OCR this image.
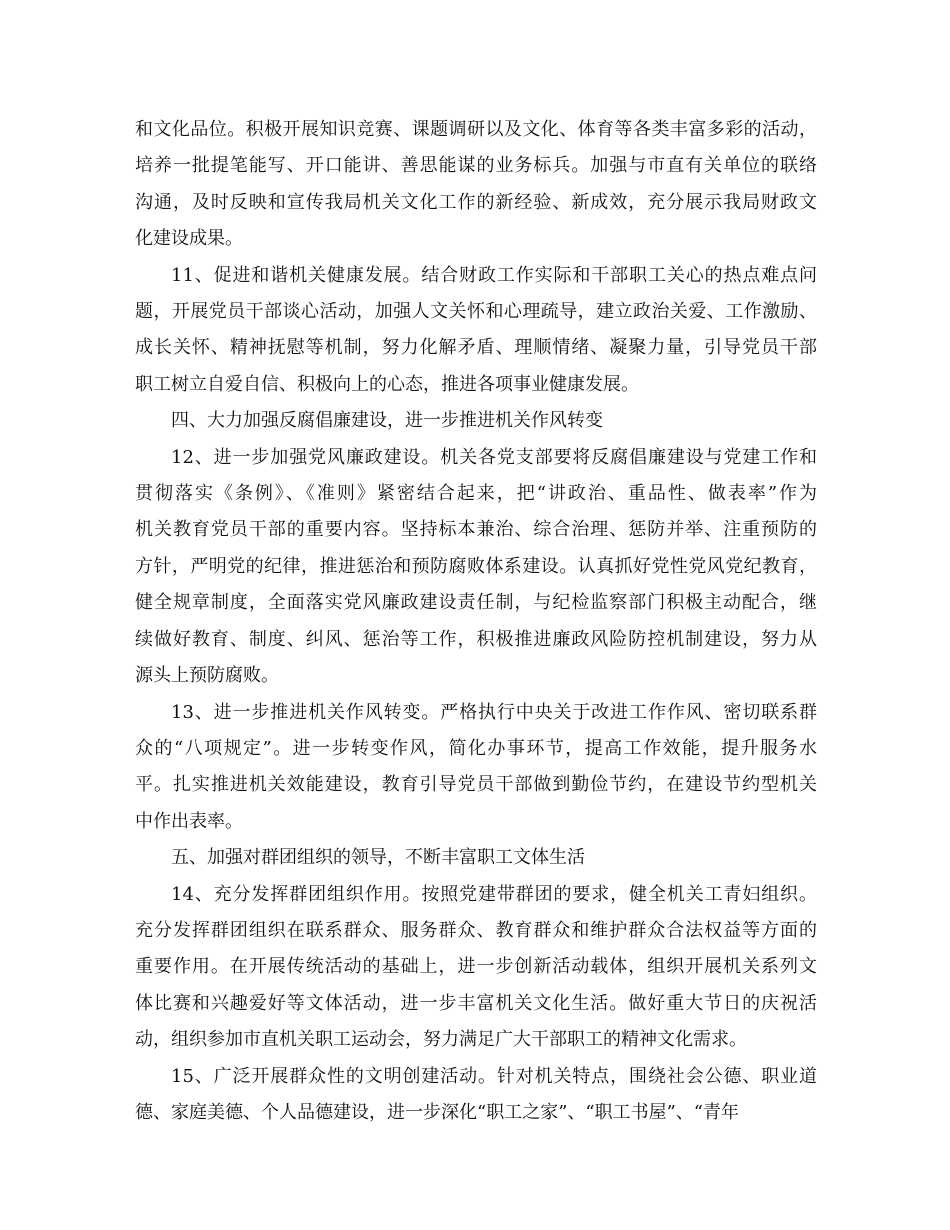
和文化品位。积极开展知识竞赛、课题调研以及文化、体育等各类丰富多彩的活动，
培养一批提笔能写、开口能讲、善思能谋的业务标兵。加强与市直有关单位的联络
沟通，及时反映和宣传我局机关文化工作的新经验、新成效，充分展示我局财政文
化建设成果。

11、促进和谐机关健康发展。结合财政工作实际和干部职工关心的热点难点问
题，开展党员干部谈心活动，加强人文关怀和心理疏导，建立政治关爱、工作激励、
成长关怀、精神抚慰等机制，努力化解矛盾、理顺情绪、凝聚力量，引导党员干部
职工树立自爱自信、积极向上的心态，推进各项事业健康发展。

四、大力加强反腐倡廉建设，进一步推进机关作风转变

12、进一步加强党风廉政建设。机关各党支部要将反腐倡廉建设与党建工作和
贯彻落实《条例》、《准则》紧密结合起来，把“讲政治、重品性、做表率”作为
机关教育党员干部的重要内容。坚持标本兼治、综合治理、惩防并举、注重预防的
方针，严明党的纪律，推进惩治和预防腐败体系建设。认真抓好党性党风党纪教育，
健全规章制度，全面落实党风廉政建设责任制，与纪检监察部门积极主动配合，继
续做好教育、制度、纠风、惩治等工作，积极推进廉政风险防控机制建设，努力从
源头上预防腐败。

13、进一步推进机关作风转变。严格执行中央关于改进工作作风、密切联系群
众的“八项规定”。进一步转变作风，简化办事环节，提高工作效能，提升服务水
平。扎实推进机关效能建设，教育引导党员干部做到勤俭节约，在建设节约型机关
中作出表率。

五、加强对群团组织的领导，不断丰富职工文体生活

14、充分发挥群团组织作用。按照党建带群团的要求，健全机关工青妇组织。
充分发挥群团组织在联系群众、服务群众、教育群众和维护群众合法权益等方面的
重要作用。在开展传统活动的基础上，进一步创新活动载体，组织开展机关系列文
体比赛和兴趣爱好等文体活动，进一步丰富机关文化生活。做好重大节日的庆祝活
动，组织参加市直机关职工运动会，努力满足广大干部职工的精神文化需求。

15、广泛开展群众性的文明创建活动。针对机关特点，围绕社会公德、职业道
德、家庭美德、个人品德建设，进一步深化“职工之家”、“职工书屋”、“青年
